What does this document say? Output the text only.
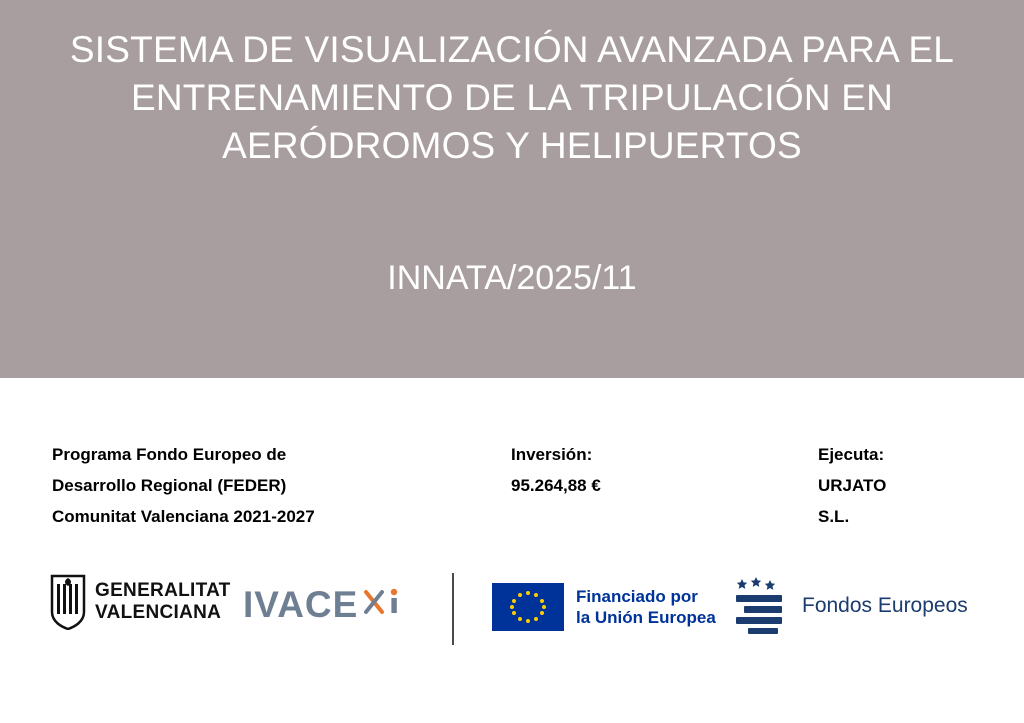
SISTEMA DE VISUALIZACIÓN AVANZADA PARA EL ENTRENAMIENTO DE LA TRIPULACIÓN EN AERÓDROMOS Y HELIPUERTOS
INNATA/2025/11
Programa Fondo Europeo de
Desarrollo Regional (FEDER)
Comunitat Valenciana 2021-2027
Inversión:
95.264,88 €
Ejecuta:
URJATO
S.L.
GENERALITAT
VALENCIANA IVACE	Financiado por
la Unión Europea
Fondos Europeos
